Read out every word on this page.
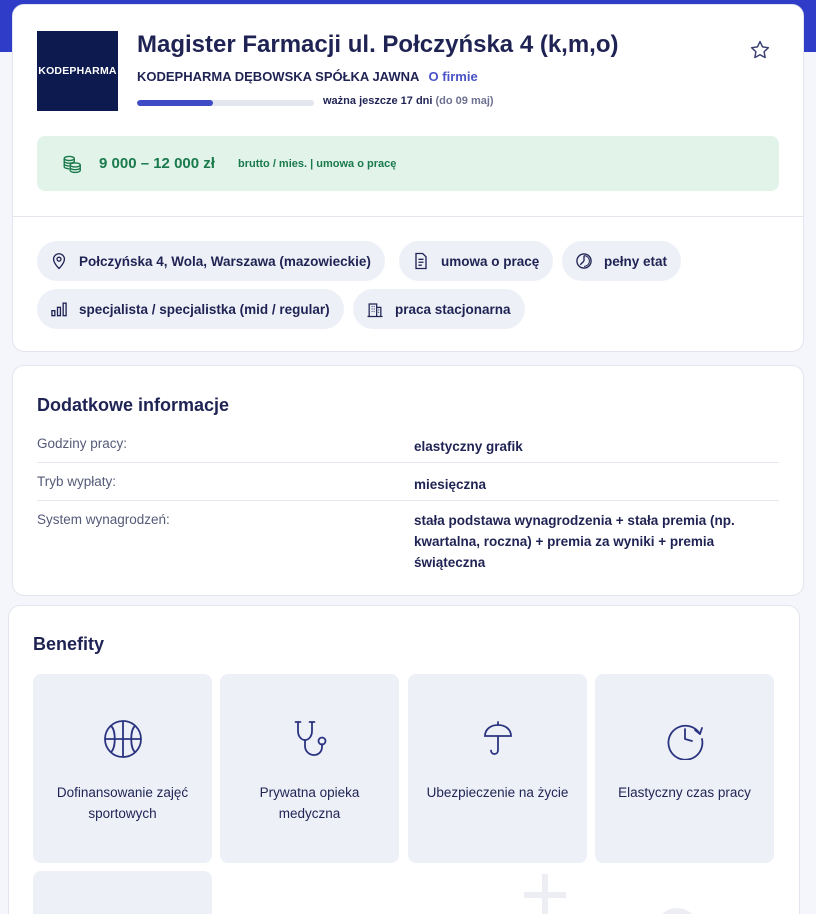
KODEPHARMA
Magister Farmacji ul. Połczyńska 4 (k,m,o)
KODEPHARMA DĘBOWSKA SPÓŁKA JAWNA O firmie
ważna jeszcze 17 dni (do 09 maj)
9 000 – 12 000 zł brutto / mies. | umowa o pracę
Połczyńska 4, Wola, Warszawa (mazowieckie)	umowa o pracę	pełny etat
specjalista / specjalistka (mid / regular)	praca stacjonarna
Dodatkowe informacje
Godziny pracy:	elastyczny grafik
Tryb wypłaty:	miesięczna
System wynagrodzeń:	stała podstawa wynagrodzenia + stała premia (np. kwartalna, roczna) + premia za wyniki + premia świąteczna
Benefity
Dofinansowanie zajęć sportowych
Prywatna opieka medyczna
Ubezpieczenie na życie	Elastyczny czas pracy
